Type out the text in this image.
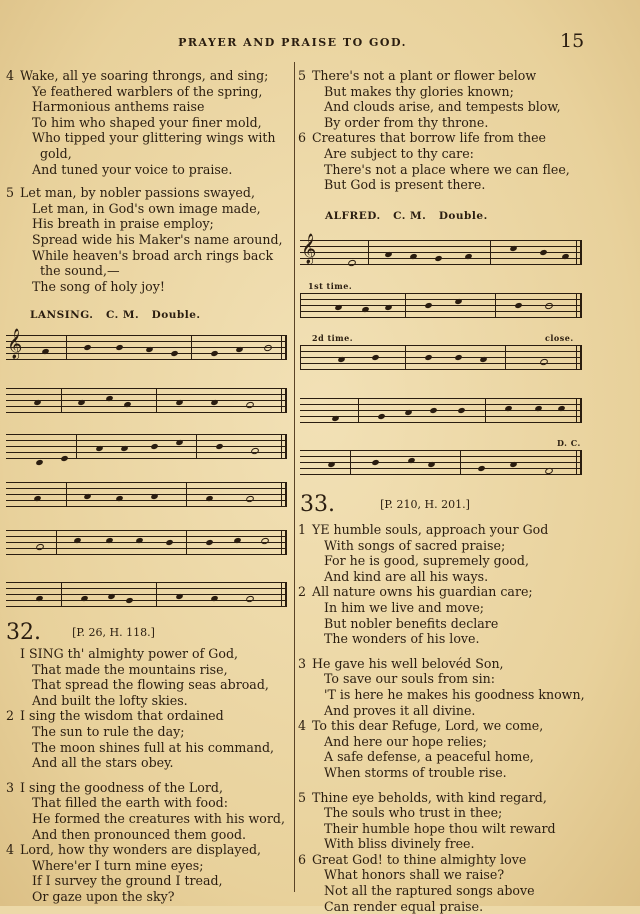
PRAYER AND PRAISE TO GOD.	15
4 Wake, all ye soaring throngs, and sing;
Ye feathered warblers of the spring,
Harmonious anthems raise
To him who shaped your finer mold,
Who tipped your glittering wings with
gold,
And tuned your voice to praise.
5 Let man, by nobler passions swayed,
Let man, in God's own image made,
His breath in praise employ;
Spread wide his Maker's name around,
While heaven's broad arch rings back
the sound,—
The song of holy joy!
LANSING. C. M. Double.
𝄞
32.	[P. 26, H. 118.]
I SING th' almighty power of God,
That made the mountains rise,
That spread the flowing seas abroad,
And built the lofty skies.
2 I sing the wisdom that ordained
The sun to rule the day;
The moon shines full at his command,
And all the stars obey.
3 I sing the goodness of the Lord,
That filled the earth with food:
He formed the creatures with his word,
And then pronounced them good.
4 Lord, how thy wonders are displayed,
Where'er I turn mine eyes;
If I survey the ground I tread,
Or gaze upon the sky?
5 There's not a plant or flower below
But makes thy glories known;
And clouds arise, and tempests blow,
By order from thy throne.
6 Creatures that borrow life from thee
Are subject to thy care:
There's not a place where we can flee,
But God is present there.
ALFRED. C. M. Double.
𝄞
1st time.
2d time.	close.
D. C.
33.	[P. 210, H. 201.]
1 YE humble souls, approach your God
With songs of sacred praise;
For he is good, supremely good,
And kind are all his ways.
2 All nature owns his guardian care;
In him we live and move;
But nobler benefits declare
The wonders of his love.
3 He gave his well belovéd Son,
To save our souls from sin:
'T is here he makes his goodness known,
And proves it all divine.
4 To this dear Refuge, Lord, we come,
And here our hope relies;
A safe defense, a peaceful home,
When storms of trouble rise.
5 Thine eye beholds, with kind regard,
The souls who trust in thee;
Their humble hope thou wilt reward
With bliss divinely free.
6 Great God! to thine almighty love
What honors shall we raise?
Not all the raptured songs above
Can render equal praise.
